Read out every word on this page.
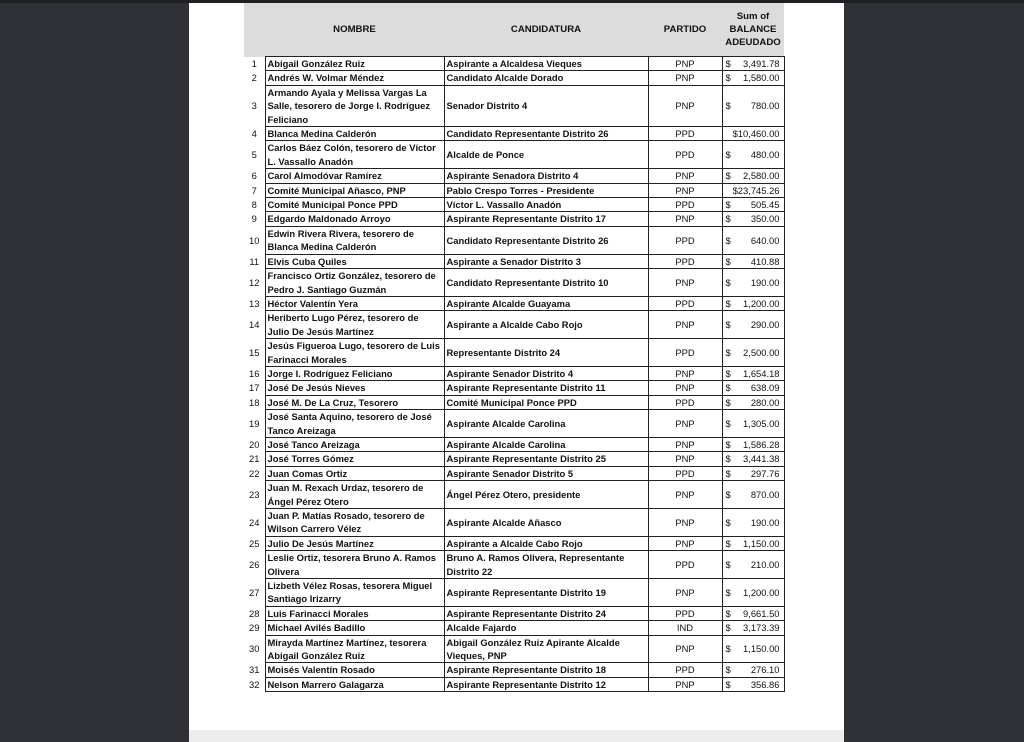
	NOMBRE	CANDIDATURA	PARTIDO	Sum of BALANCE ADEUDADO
1	Abigail González Ruiz	Aspirante a Alcaldesa Vieques	PNP	$ 3,491.78

2	Andrés W. Volmar Méndez	Candidato Alcalde Dorado	PNP	$ 1,580.00

3	Armando Ayala y Melissa Vargas La Salle, tesorero de Jorge I. Rodríguez Feliciano	Senador Distrito 4	PNP	$ 780.00

4	Blanca Medina Calderón	Candidato Representante Distrito 26	PPD	$10,460.00

5	Carlos Báez Colón, tesorero de Víctor L. Vassallo Anadón	Alcalde de Ponce	PPD	$ 480.00

6	Carol Almodóvar Ramírez	Aspirante Senadora Distrito 4	PNP	$ 2,580.00

7	Comité Municipal Añasco, PNP	Pablo Crespo Torres - Presidente	PNP	$23,745.26

8	Comité Municipal Ponce PPD	Víctor L. Vassallo Anadón	PPD	$ 505.45

9	Edgardo Maldonado Arroyo	Aspirante Representante Distrito 17	PNP	$ 350.00

10	Edwin Rivera Rivera, tesorero de Blanca Medina Calderón	Candidato Representante Distrito 26	PPD	$ 640.00

11	Elvis Cuba Quiles	Aspirante a Senador Distrito 3	PPD	$ 410.88

12	Francisco Ortiz González, tesorero de Pedro J. Santiago Guzmán	Candidato Representante Distrito 10	PNP	$ 190.00

13	Héctor Valentín Yera	Aspirante Alcalde Guayama	PPD	$ 1,200.00

14	Heriberto Lugo Pérez, tesorero de Julio De Jesús Martínez	Aspirante a Alcalde Cabo Rojo	PNP	$ 290.00

15	Jesús Figueroa Lugo, tesorero de Luis Farinacci Morales	Representante Distrito 24	PPD	$ 2,500.00

16	Jorge I. Rodríguez Feliciano	Aspirante Senador Distrito 4	PNP	$ 1,654.18

17	José De Jesús Nieves	Aspirante Representante Distrito 11	PNP	$ 638.09

18	José M. De La Cruz, Tesorero	Comité Municipal Ponce PPD	PPD	$ 280.00

19	José Santa Aquino, tesorero de José Tanco Areizaga	Aspirante Alcalde Carolina	PNP	$ 1,305.00

20	José Tanco Areizaga	Aspirante Alcalde Carolina	PNP	$ 1,586.28

21	José Torres Gómez	Aspirante Representante Distrito 25	PNP	$ 3,441.38

22	Juan Comas Ortiz	Aspirante Senador Distrito 5	PPD	$ 297.76

23	Juan M. Rexach Urdaz, tesorero de Ángel Pérez Otero	Ángel Pérez Otero, presidente	PNP	$ 870.00

24	Juan P. Matías Rosado, tesorero de Wilson Carrero Vélez	Aspirante Alcalde Añasco	PNP	$ 190.00

25	Julio De Jesús Martínez	Aspirante a Alcalde Cabo Rojo	PNP	$ 1,150.00

26	Leslie Ortiz, tesorera Bruno A. Ramos Olivera	Bruno A. Ramos Olivera, Representante Distrito 22	PPD	$ 210.00

27	Lizbeth Vélez Rosas, tesorera Miguel Santiago Irizarry	Aspirante Representante Distrito 19	PNP	$ 1,200.00

28	Luis Farinacci Morales	Aspirante Representante Distrito 24	PPD	$ 9,661.50

29	Michael Avilés Badillo	Alcalde Fajardo	IND	$ 3,173.39

30	Mirayda Martínez Martínez, tesorera Abigail González Ruiz	Abigail González Ruiz Apirante Alcalde Vieques, PNP	PNP	$ 1,150.00

31	Moisés Valentín Rosado	Aspirante Representante Distrito 18	PPD	$ 276.10

32	Nelson Marrero Galagarza	Aspirante Representante Distrito 12	PNP	$ 356.86
